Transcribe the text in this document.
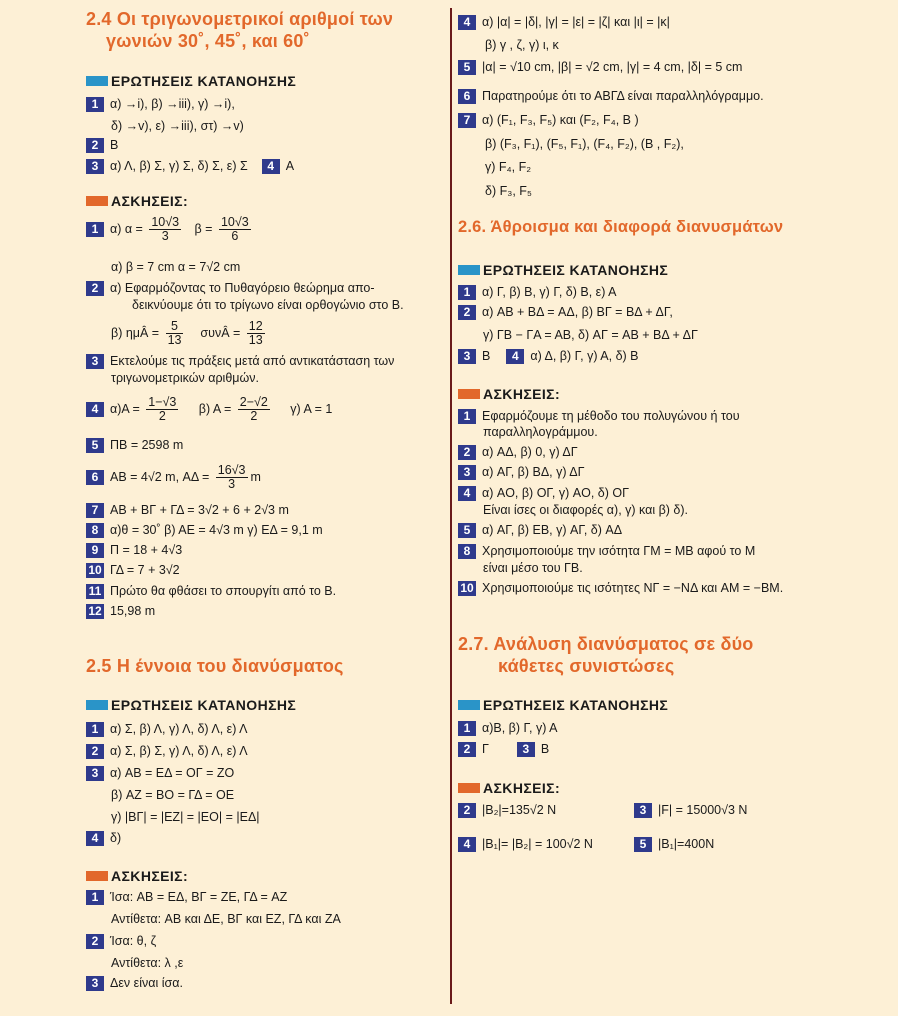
2.4 Οι τριγωνομετρικοί αριθμοί των
γωνιών 30˚, 45˚, και 60˚
ΕΡΩΤΗΣΕΙΣ ΚΑΤΑΝΟΗΣΗΣ
1 α) →i), β) →iii), γ) →i),
δ) →v), ε) →iii), στ) →v)
2 Β
3 α) Λ, β) Σ, γ) Σ, δ) Σ, ε) Σ 4 Α
ΑΣΚΗΣΕΙΣ:
1 α) $\alpha = \frac{10√3}{3}$ $\beta = \frac{10√3}{6}$
α) β = 7 cm α = 7√2 cm
2 α) Εφαρμόζοντας το Πυθαγόρειο θεώρημα απο-
δεικνύουμε ότι το τρίγωνο είναι ορθογώνιο στο Β.
β) ημÂ = $\frac{5}{13}$ συνÂ = $\frac{12}{13}$
3 Εκτελούμε τις πράξεις μετά από αντικατάσταση των
τριγωνομετρικών αριθμών.
4 $\alpha)A = \frac{1-√3}{2} \beta$) $A = \frac{2-√2}{2} \gamma$) Α = 1
5 ΠΒ = 2598 m
6 ΑΒ = 4√2 m, $A\Delta = \frac{16√3}{3}$ m
7 ΑΒ + ΒΓ + ΓΔ = 3√2 + 6 + 2√3 m
8 α)θ = 30˚ β) ΑΕ = 4√3 m γ) ΕΔ = 9,1 m
9 Π = 18 + 4√3
10 ΓΔ = 7 + 3√2
11 Πρώτο θα φθάσει το σπουργίτι από το Β.
12 15,98 m
2.5 Η έννοια του διανύσματος
ΕΡΩΤΗΣΕΙΣ ΚΑΤΑΝΟΗΣΗΣ
1 α) Σ, β) Λ, γ) Λ, δ) Λ, ε) Λ
2 α) Σ, β) Σ, γ) Λ, δ) Λ, ε) Λ
3 α) AB = EΔ = OΓ = ZO
β) AZ = BO = ΓΔ = OE
γ) |BΓ| = |EZ| = |EO| = |EΔ|
4 δ)
ΑΣΚΗΣΕΙΣ:
1 Ίσα: AB = EΔ, BΓ = ZE, ΓΔ = AZ
Αντίθετα: AB και ΔE, BΓ και EZ, ΓΔ και ZA
2 Ίσα: θ, ζ
Αντίθετα: λ ,ε
3 Δεν είναι ίσα.
4 α) |α| = |δ|, |γ| = |ε| = |ζ| και |ι| = |κ|
β) γ , ζ, γ) ι, κ
5 |α| = √10 cm, |β| = √2 cm, |γ| = 4 cm, |δ| = 5 cm
6 Παρατηρούμε ότι το ΑΒΓΔ είναι παραλληλόγραμμο.
7 α) (F₁, F₃, F₅) και (F₂, F₄, B )
β) (F₃, F₁), (F₅, F₁), (F₄, F₂), (B , F₂),
γ) F₄, F₂
δ) F₃, F₅
2.6. Άθροισμα και διαφορά διανυσμάτων
ΕΡΩΤΗΣΕΙΣ ΚΑΤΑΝΟΗΣΗΣ
1 α) Γ, β) Β, γ) Γ, δ) Β, ε) Α
2 α) AB + BΔ = AΔ, β) BΓ = BΔ + ΔΓ,
γ) ΓB − ΓA = AB, δ) AΓ = AB + BΔ + ΔΓ
3 Β 4 α) Δ, β) Γ, γ) Α, δ) Β
ΑΣΚΗΣΕΙΣ:
1 Εφαρμόζουμε τη μέθοδο του πολυγώνου ή του
παραλληλογράμμου.
2 α) AΔ, β) 0, γ) ΔΓ
3 α) AΓ, β) BΔ, γ) ΔΓ
4 α) AO, β) OΓ, γ) AO, δ) OΓ
Είναι ίσες οι διαφορές α), γ) και β) δ).
5 α) AΓ, β) EB, γ) AΓ, δ) AΔ
8 Χρησιμοποιούμε την ισότητα ΓM = MB αφού το Μ
είναι μέσο του ΓΒ.
10 Χρησιμοποιούμε τις ισότητες NΓ = −NΔ και AM = −BM.
2.7. Ανάλυση διανύσματος σε δύο
κάθετες συνιστώσες
ΕΡΩΤΗΣΕΙΣ ΚΑΤΑΝΟΗΣΗΣ
1 α)Β, β) Γ, γ) Α
2 Γ	3 Β
ΑΣΚΗΣΕΙΣ:
2 |B₂|=135√2 N	3 |F| = 15000√3 N
4 |B₁|= |B₂| = 100√2 N	5 |B₁|=400N
